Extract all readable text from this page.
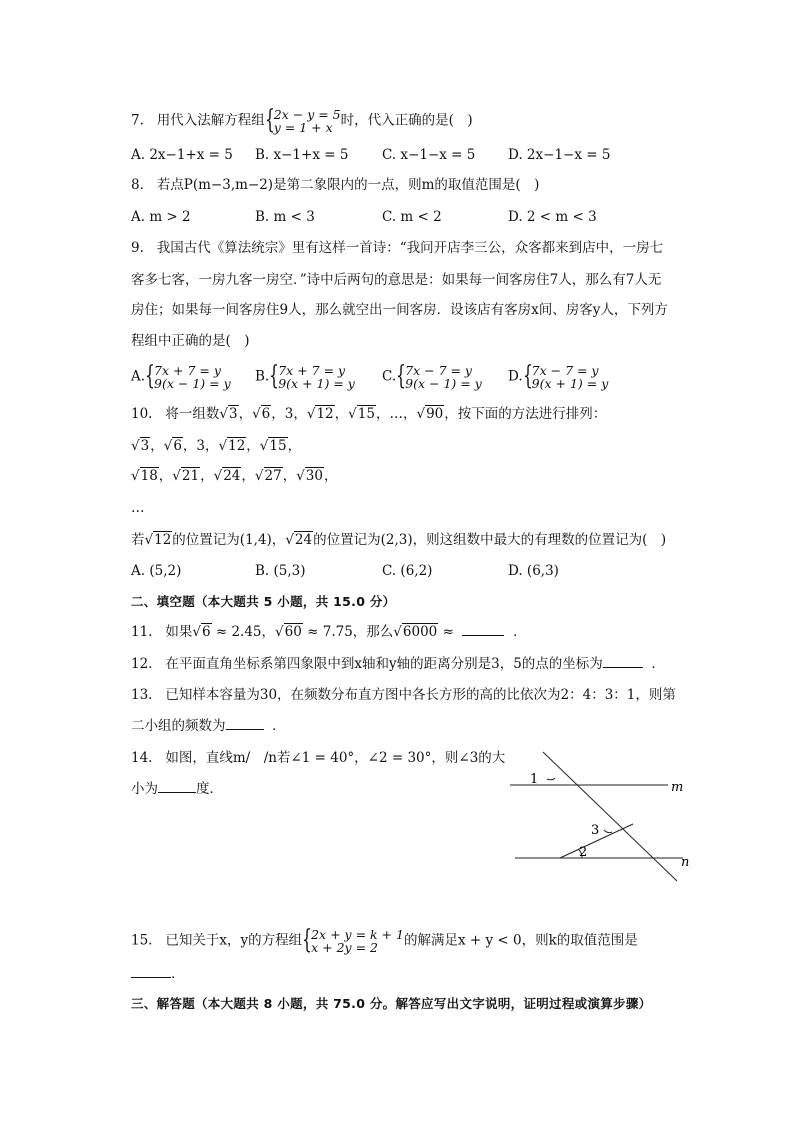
7. 用代入法解方程组 { 2x − y = 5
y = 1 + x 时，代入正确的是(　)
A. 2x−1+x = 5 B. x−1+x = 5 C. x−1−x = 5 D. 2x−1−x = 5
8. 若点P(m−3,m−2)是第二象限内的一点，则m的取值范围是(　)
A. m > 2	B. m < 3	C. m < 2	D. 2 < m < 3
9. 我国古代《算法统宗》里有这样一首诗：“我问开店李三公，众客都来到店中，一房七
客多七客，一房九客一房空．”诗中后两句的意思是：如果每一间客房住7人，那么有7人无
房住；如果每一间客房住9人，那么就空出一间客房．设该店有客房x间、房客y人，下列方
程组中正确的是(　)
A. { 7x + 7 = y
9(x − 1) = y B. { 7x + 7 = y
9(x + 1) = y C. { 7x − 7 = y
9(x − 1) = y D. { 7x − 7 = y
9(x + 1) = y
10. 将一组数√3，√6，3，√12，√15，…，√90，按下面的方法进行排列：
√3，√6，3，√12，√15，
√18，√21，√24，√27，√30，
…
若√12的位置记为(1,4)，√24的位置记为(2,3)，则这组数中最大的有理数的位置记为(　)
A. (5,2)	B. (5,3)	C. (6,2)	D. (6,3)
二、填空题（本大题共 5 小题，共 15.0 分）
11. 如果√6 ≈ 2.45，√60 ≈ 7.75，那么√6000 ≈	．
12. 在平面直角坐标系第四象限中到x轴和y轴的距离分别是3，5的点的坐标为	．
13. 已知样本容量为30，在频数分布直方图中各长方形的高的比依次为2：4：3：1，则第
二小组的频数为	．
14. 如图，直线m/　/n若∠1 = 40°，∠2 = 30°，则∠3的大
小为	度．
1
2
3
m
n
15. 已知关于x，y的方程组 { 2x + y = k + 1
x + 2y = 2	的解满足x + y < 0，则k的取值范围是
．
三、解答题（本大题共 8 小题，共 75.0 分。解答应写出文字说明，证明过程或演算步骤）
